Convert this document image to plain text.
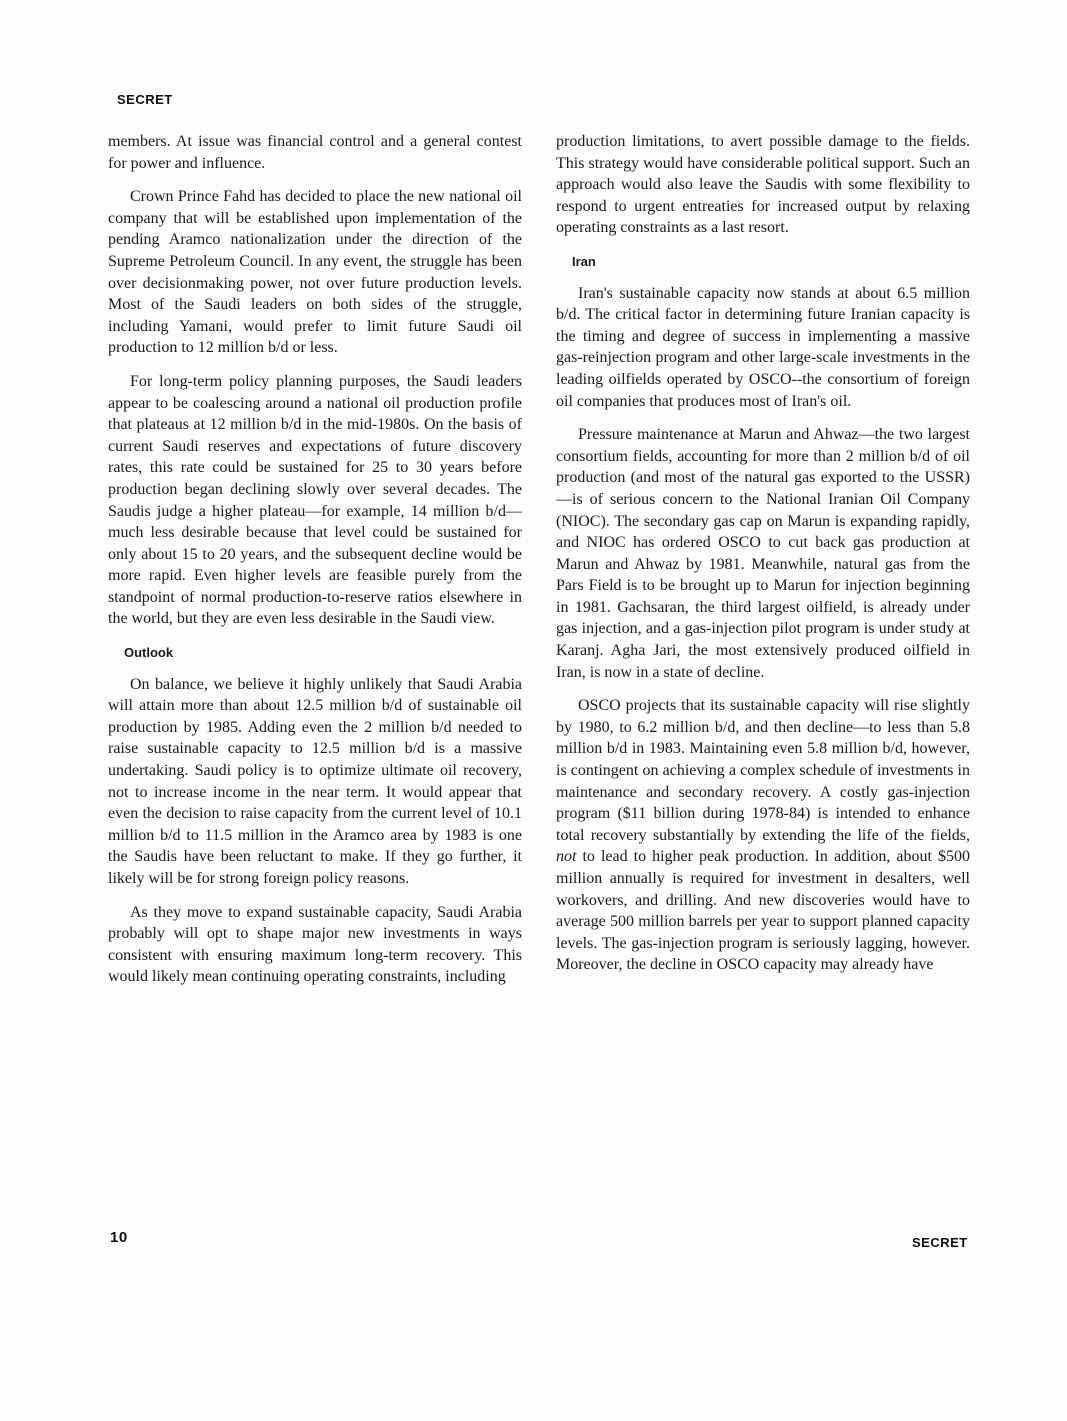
SECRET

members. At issue was financial control and a general contest for power and influence.

Crown Prince Fahd has decided to place the new national oil company that will be established upon implementation of the pending Aramco nationalization under the direction of the Supreme Petroleum Council. In any event, the struggle has been over decisionmaking power, not over future production levels. Most of the Saudi leaders on both sides of the struggle, including Yamani, would prefer to limit future Saudi oil production to 12 million b/d or less.

For long-term policy planning purposes, the Saudi leaders appear to be coalescing around a national oil production profile that plateaus at 12 million b/d in the mid-1980s. On the basis of current Saudi reserves and expectations of future discovery rates, this rate could be sustained for 25 to 30 years before production began declining slowly over several decades. The Saudis judge a higher plateau—for example, 14 million b/d—much less desirable because that level could be sustained for only about 15 to 20 years, and the subsequent decline would be more rapid. Even higher levels are feasible purely from the standpoint of normal production-to-reserve ratios elsewhere in the world, but they are even less desirable in the Saudi view.

Outlook

On balance, we believe it highly unlikely that Saudi Arabia will attain more than about 12.5 million b/d of sustainable oil production by 1985. Adding even the 2 million b/d needed to raise sustainable capacity to 12.5 million b/d is a massive undertaking. Saudi policy is to optimize ultimate oil recovery, not to increase income in the near term. It would appear that even the decision to raise capacity from the current level of 10.1 million b/d to 11.5 million in the Aramco area by 1983 is one the Saudis have been reluctant to make. If they go further, it likely will be for strong foreign policy reasons.

As they move to expand sustainable capacity, Saudi Arabia probably will opt to shape major new investments in ways consistent with ensuring maximum long-term recovery. This would likely mean continuing operating constraints, including

production limitations, to avert possible damage to the fields. This strategy would have considerable political support. Such an approach would also leave the Saudis with some flexibility to respond to urgent entreaties for increased output by relaxing operating constraints as a last resort.

Iran

Iran's sustainable capacity now stands at about 6.5 million b/d. The critical factor in determining future Iranian capacity is the timing and degree of success in implementing a massive gas-reinjection program and other large-scale investments in the leading oilfields operated by OSCO--the consortium of foreign oil companies that produces most of Iran's oil.

Pressure maintenance at Marun and Ahwaz—the two largest consortium fields, accounting for more than 2 million b/d of oil production (and most of the natural gas exported to the USSR)—is of serious concern to the National Iranian Oil Company (NIOC). The secondary gas cap on Marun is expanding rapidly, and NIOC has ordered OSCO to cut back gas production at Marun and Ahwaz by 1981. Meanwhile, natural gas from the Pars Field is to be brought up to Marun for injection beginning in 1981. Gachsaran, the third largest oilfield, is already under gas injection, and a gas-injection pilot program is under study at Karanj. Agha Jari, the most extensively produced oilfield in Iran, is now in a state of decline.

OSCO projects that its sustainable capacity will rise slightly by 1980, to 6.2 million b/d, and then decline—to less than 5.8 million b/d in 1983. Maintaining even 5.8 million b/d, however, is contingent on achieving a complex schedule of investments in maintenance and secondary recovery. A costly gas-injection program ($11 billion during 1978-84) is intended to enhance total recovery substantially by extending the life of the fields, not to lead to higher peak production. In addition, about $500 million annually is required for investment in desalters, well workovers, and drilling. And new discoveries would have to average 500 million barrels per year to support planned capacity levels. The gas-injection program is seriously lagging, however. Moreover, the decline in OSCO capacity may already have

10	SECRET
